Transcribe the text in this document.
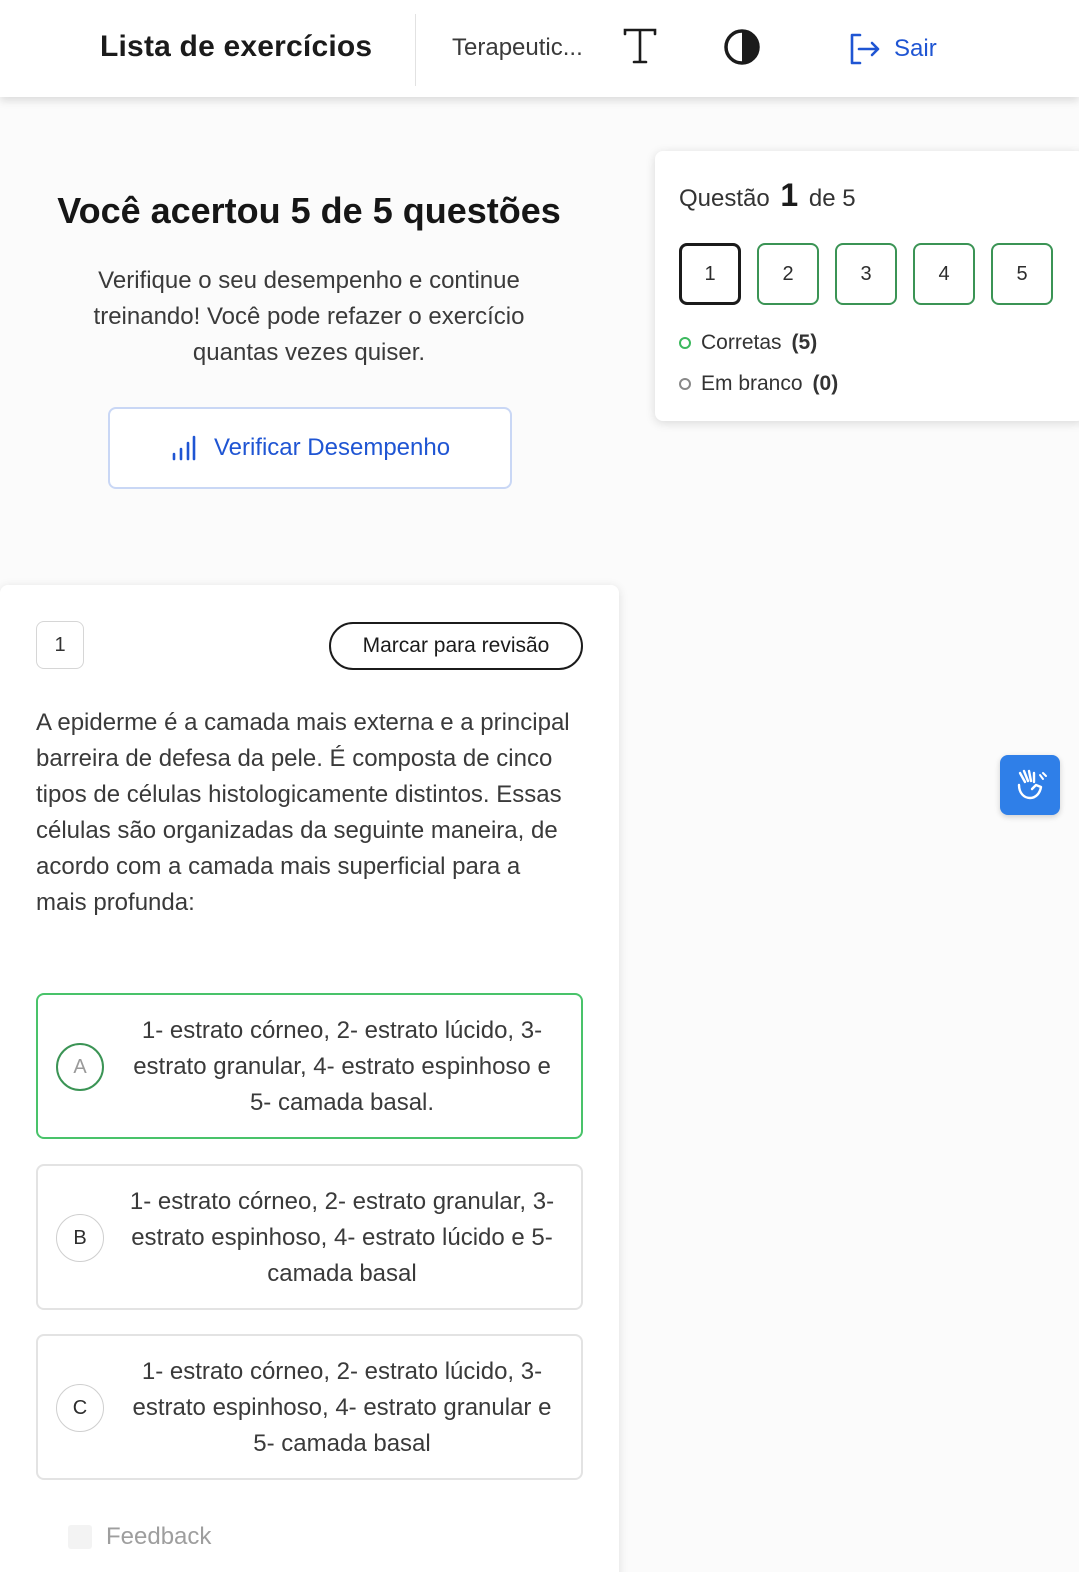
Lista de exercícios	Terapeutic...	Sair
Você acertou 5 de 5 questões
Verifique o seu desempenho e continue treinando! Você pode refazer o exercício quantas vezes quiser.
Verificar Desempenho
Questão 1 de 5
1	2	3	4	5
Corretas (5)
Em branco (0)
1	Marcar para revisão
A epiderme é a camada mais externa e a principal barreira de defesa da pele. É composta de cinco tipos de células histologicamente distintos. Essas células são organizadas da seguinte maneira, de acordo com a camada mais superficial para a mais profunda:
A
1- estrato córneo, 2- estrato lúcido, 3- estrato granular, 4- estrato espinhoso e 5- camada basal.
B
1- estrato córneo, 2- estrato granular, 3- estrato espinhoso, 4- estrato lúcido e 5- camada basal
C
1- estrato córneo, 2- estrato lúcido, 3- estrato espinhoso, 4- estrato granular e 5- camada basal
Feedback
